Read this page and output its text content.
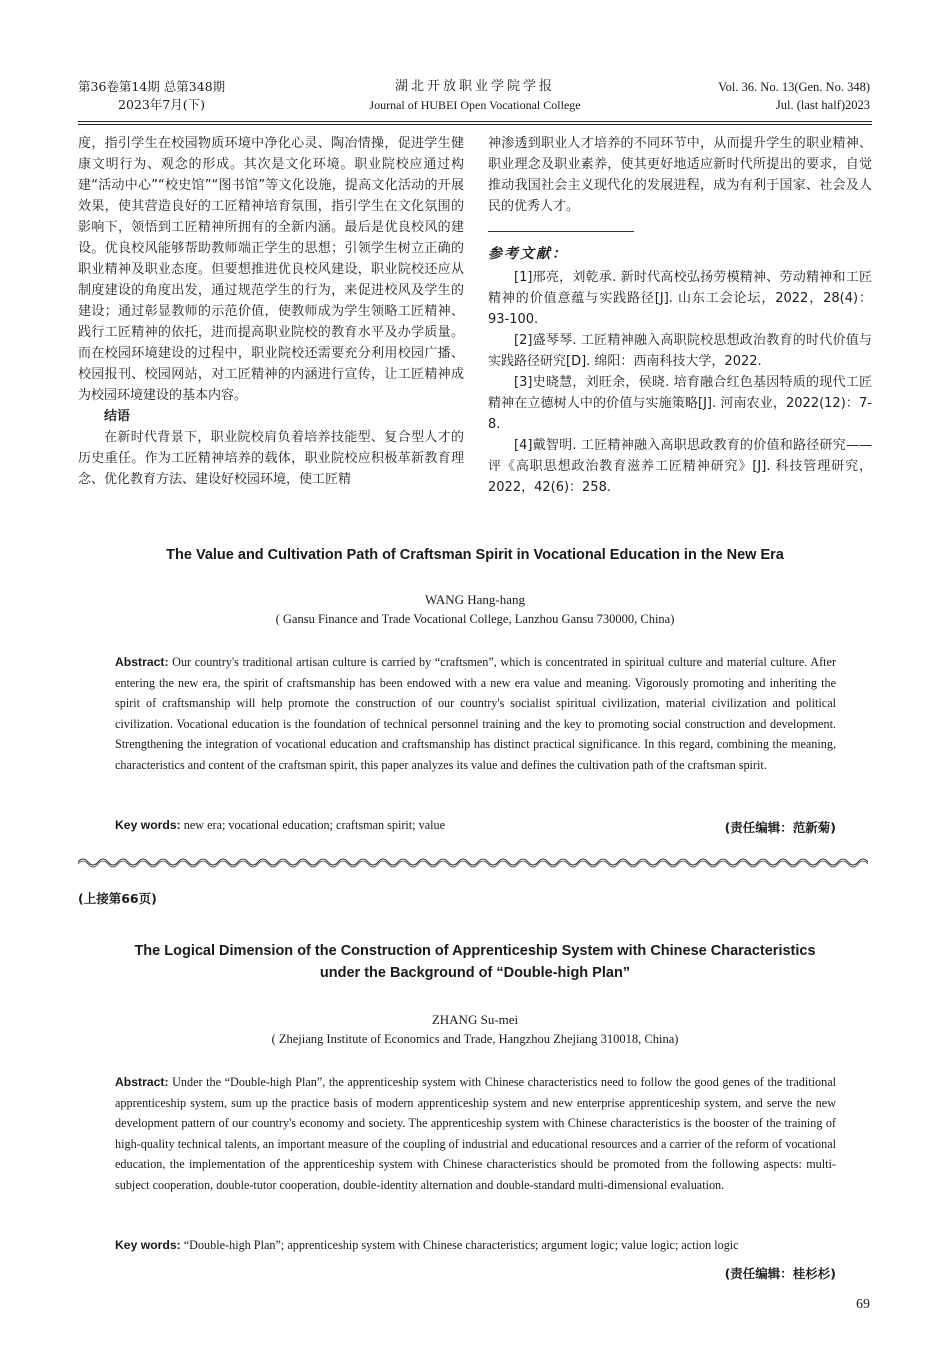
第36卷第14期 总第348期
2023年7月(下)
湖北开放职业学院学报
Journal of HUBEI Open Vocational College
Vol. 36. No. 13(Gen. No. 348)
Jul. (last half)2023

度，指引学生在校园物质环境中净化心灵、陶冶情操，促进学生健康文明行为、观念的形成。其次是文化环境。职业院校应通过构建“活动中心”“校史馆”“图书馆”等文化设施，提高文化活动的开展效果，使其营造良好的工匠精神培育氛围，指引学生在文化氛围的影响下，领悟到工匠精神所拥有的全新内涵。最后是优良校风的建设。优良校风能够帮助教师端正学生的思想；引领学生树立正确的职业精神及职业态度。但要想推进优良校风建设，职业院校还应从制度建设的角度出发，通过规范学生的行为，来促进校风及学生的建设；通过彰显教师的示范价值，使教师成为学生领略工匠精神、践行工匠精神的依托，进而提高职业院校的教育水平及办学质量。而在校园环境建设的过程中，职业院校还需要充分利用校园广播、校园报刊、校园网站，对工匠精神的内涵进行宣传，让工匠精神成为校园环境建设的基本内容。

结语

在新时代背景下，职业院校肩负着培养技能型、复合型人才的历史重任。作为工匠精神培养的载体，职业院校应积极革新教育理念、优化教育方法、建设好校园环境，使工匠精

神渗透到职业人才培养的不同环节中，从而提升学生的职业精神、职业理念及职业素养，使其更好地适应新时代所提出的要求，自觉推动我国社会主义现代化的发展进程，成为有利于国家、社会及人民的优秀人才。

参考文献：

[1]邢亮，刘乾承. 新时代高校弘扬劳模精神、劳动精神和工匠精神的价值意蕴与实践路径[J]. 山东工会论坛，2022，28(4)：93-100.

[2]盛琴琴. 工匠精神融入高职院校思想政治教育的时代价值与实践路径研究[D]. 绵阳：西南科技大学，2022.

[3]史晓慧，刘旺余，侯晓. 培育融合红色基因特质的现代工匠精神在立德树人中的价值与实施策略[J]. 河南农业，2022(12)：7-8.

[4]戴智明. 工匠精神融入高职思政教育的价值和路径研究——评《高职思想政治教育滋养工匠精神研究》[J]. 科技管理研究，2022，42(6)：258.

The Value and Cultivation Path of Craftsman Spirit in Vocational Education in the New Era
WANG Hang-hang
( Gansu Finance and Trade Vocational College, Lanzhou Gansu 730000, China)
Abstract: Our country's traditional artisan culture is carried by “craftsmen”, which is concentrated in spiritual culture and material culture. After entering the new era, the spirit of craftsmanship has been endowed with a new era value and meaning. Vigorously promoting and inheriting the spirit of craftsmanship will help promote the construction of our country's socialist spiritual civilization, material civilization and political civilization. Vocational education is the foundation of technical personnel training and the key to promoting social construction and development. Strengthening the integration of vocational education and craftsmanship has distinct practical significance. In this regard, combining the meaning, characteristics and content of the craftsman spirit, this paper analyzes its value and defines the cultivation path of the craftsman spirit.
Key words: new era; vocational education; craftsman spirit; value	(责任编辑：范新菊)
(上接第66页)
The Logical Dimension of the Construction of Apprenticeship System with Chinese Characteristics
under the Background of “Double-high Plan”
ZHANG Su-mei
( Zhejiang Institute of Economics and Trade, Hangzhou Zhejiang 310018, China)
Abstract: Under the “Double-high Plan”, the apprenticeship system with Chinese characteristics need to follow the good genes of the traditional apprenticeship system, sum up the practice basis of modern apprenticeship system and new enterprise apprenticeship system, and serve the new development pattern of our country's economy and society. The apprenticeship system with Chinese characteristics is the booster of the training of high-quality technical talents, an important measure of the coupling of industrial and educational resources and a carrier of the reform of vocational education, the implementation of the apprenticeship system with Chinese characteristics should be promoted from the following aspects: multi-subject cooperation, double-tutor cooperation, double-identity alternation and double-standard multi-dimensional evaluation.
Key words: “Double-high Plan”; apprenticeship system with Chinese characteristics; argument logic; value logic; action logic
(责任编辑：桂杉杉)
69
